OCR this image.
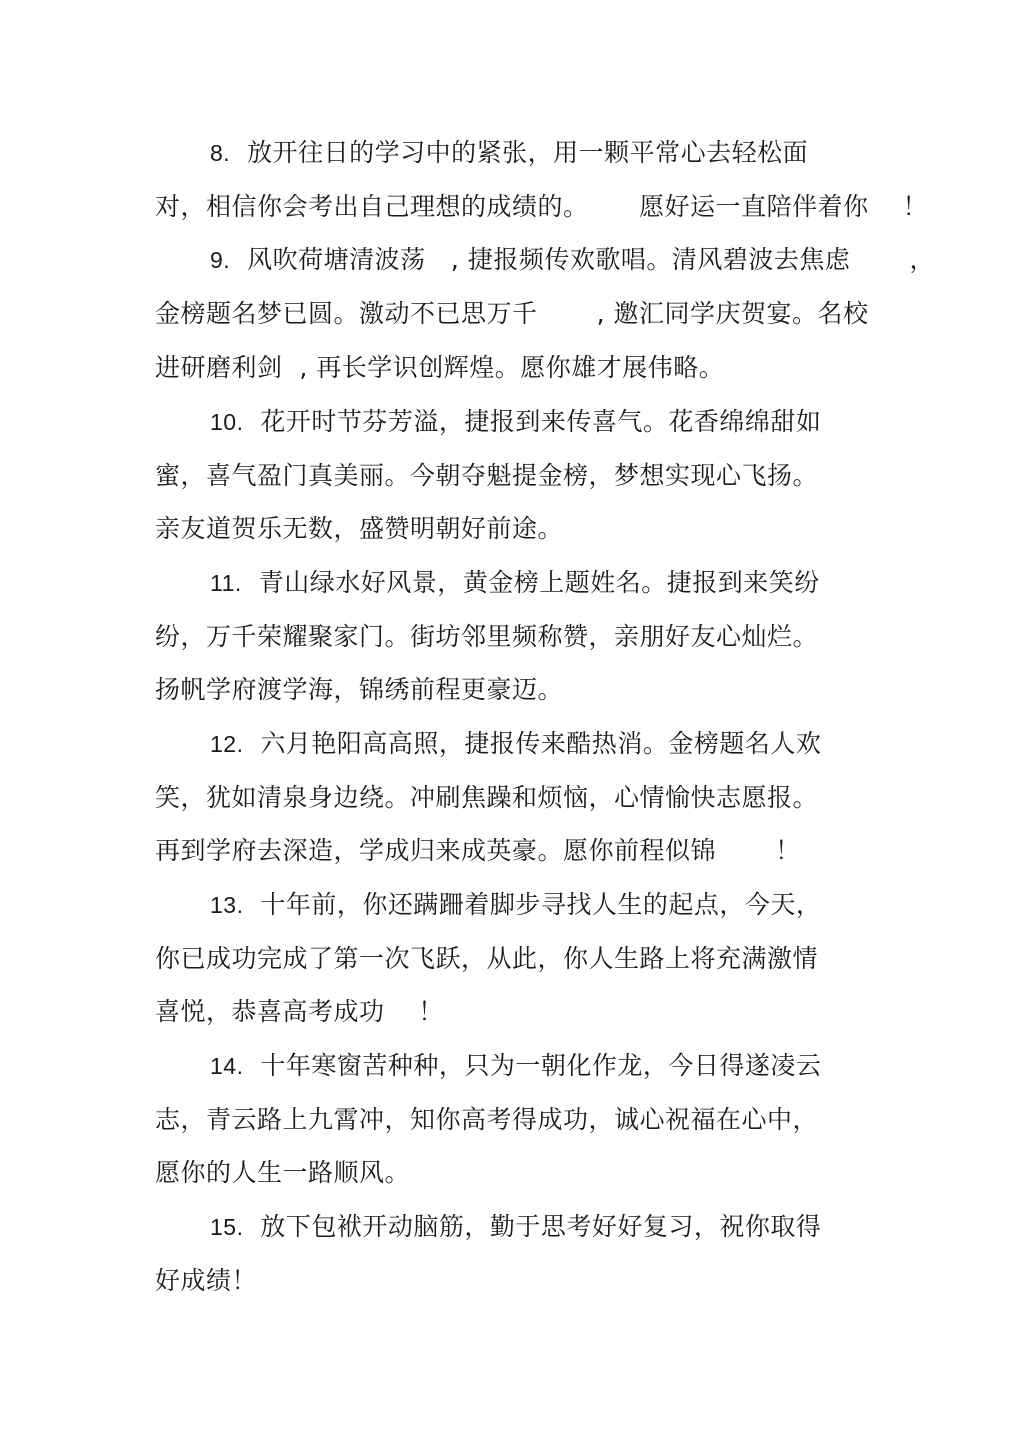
8. 放开往日的学习中的紧张，用一颗平常心去轻松面
对，相信你会考出自己理想的成绩的。      愿好运一直陪伴着你    ！
9. 风吹荷塘清波荡   , 捷报频传欢歌唱。清风碧波去焦虑       ，
金榜题名梦已圆。激动不已思万千       , 邀汇同学庆贺宴。名校
进研磨利剑  , 再长学识创辉煌。愿你雄才展伟略。
10. 花开时节芬芳溢，捷报到来传喜气。花香绵绵甜如
蜜，喜气盈门真美丽。今朝夺魁提金榜，梦想实现心飞扬。
亲友道贺乐无数，盛赞明朝好前途。
11. 青山绿水好风景，黄金榜上题姓名。捷报到来笑纷
纷，万千荣耀聚家门。街坊邻里频称赞，亲朋好友心灿烂。
扬帆学府渡学海，锦绣前程更豪迈。
12. 六月艳阳高高照，捷报传来酷热消。金榜题名人欢
笑，犹如清泉身边绕。冲刷焦躁和烦恼，心情愉快志愿报。
再到学府去深造，学成归来成英豪。愿你前程似锦       ！
13. 十年前，你还蹒跚着脚步寻找人生的起点，今天，
你已成功完成了第一次飞跃，从此，你人生路上将充满激情
喜悦，恭喜高考成功    ！
14. 十年寒窗苦种种，只为一朝化作龙，今日得遂凌云
志，青云路上九霄冲，知你高考得成功，诚心祝福在心中，
愿你的人生一路顺风。
15. 放下包袱开动脑筋，勤于思考好好复习，祝你取得
好成绩！
